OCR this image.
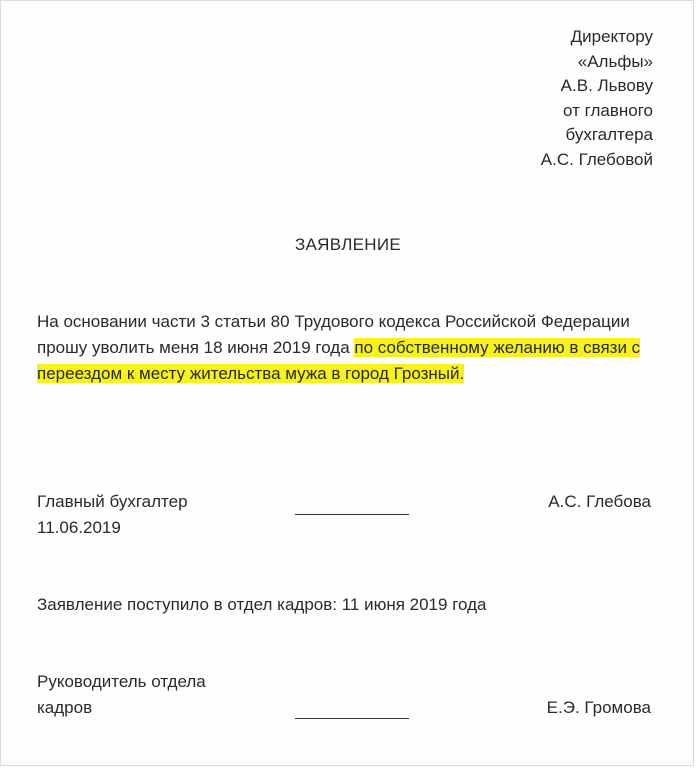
Директору
«Альфы»
А.В. Львову
от главного
бухгалтера
А.С. Глебовой
ЗАЯВЛЕНИЕ
На основании части 3 статьи 80 Трудового кодекса Российской Федерации прошу уволить меня 18 июня 2019 года по собственному желанию в связи с переездом к месту жительства мужа в город Грозный.
Главный бухгалтер
11.06.2019
А.С. Глебова
Заявление поступило в отдел кадров: 11 июня 2019 года
Руководитель отдела
кадров	Е.Э. Громова
